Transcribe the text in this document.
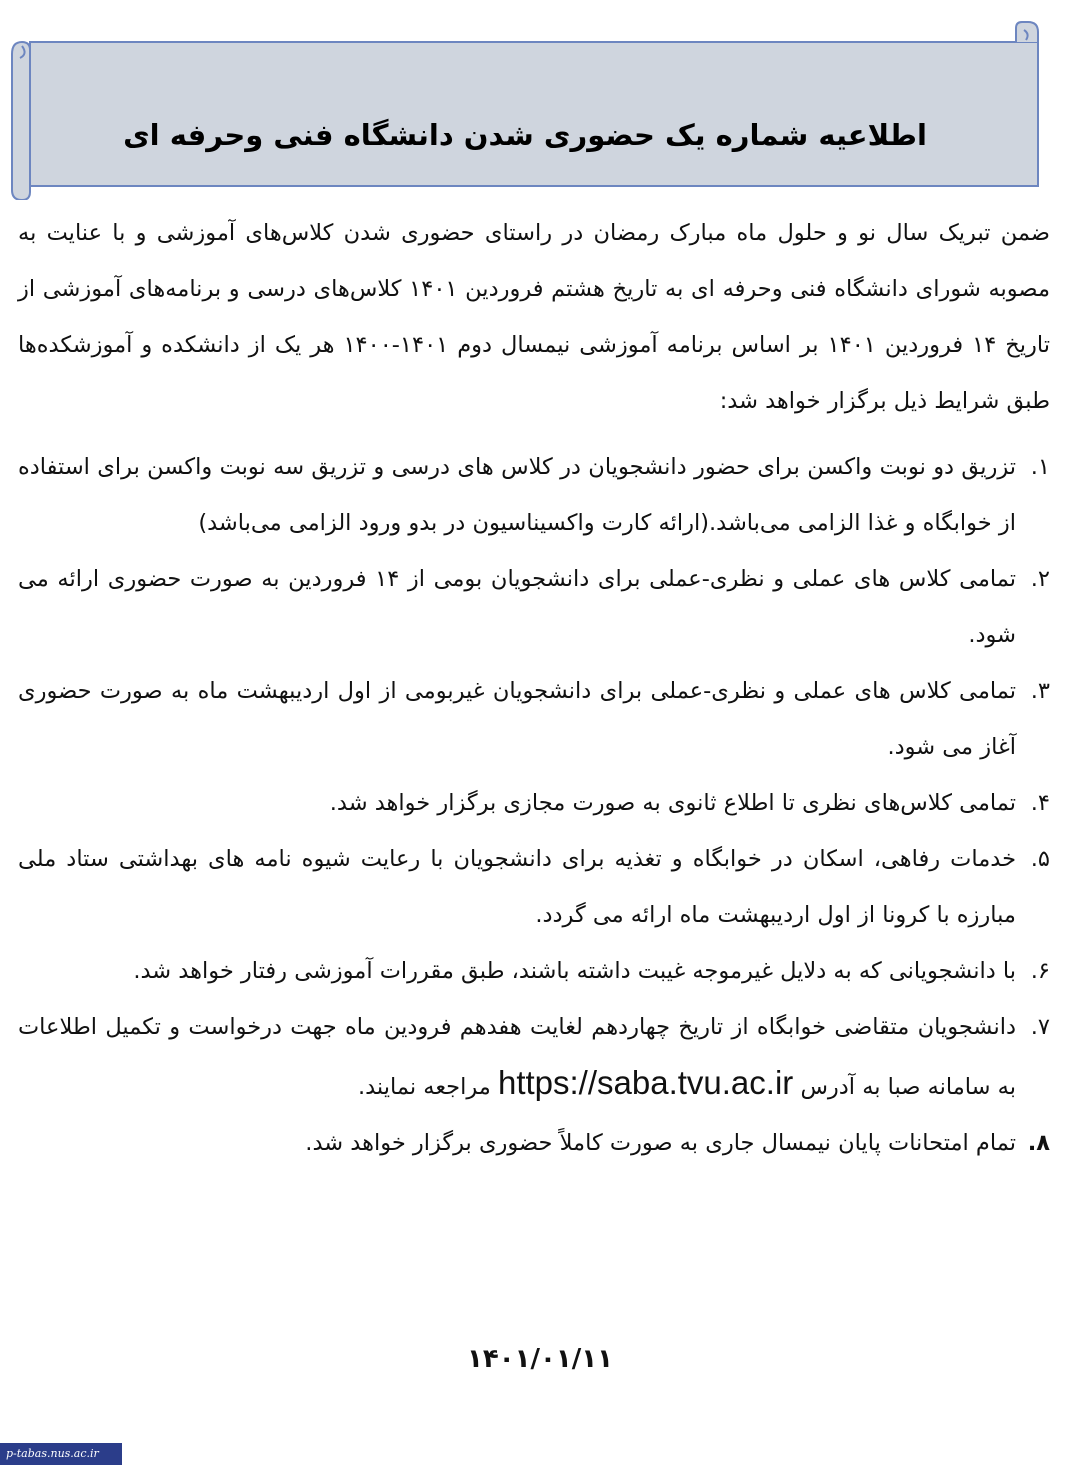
اطلاعیه شماره یک حضوری شدن دانشگاه فنی وحرفه ای

ضمن تبریک سال نو و حلول ماه مبارک رمضان در راستای حضوری شدن کلاس‌های آموزشی و با عنایت به مصوبه شورای دانشگاه فنی وحرفه ای به تاریخ هشتم فروردین ۱۴۰۱ کلاس‌های درسی و برنامه‌های آموزشی از تاریخ ۱۴ فروردین ۱۴۰۱ بر اساس برنامه آموزشی نیمسال دوم ۱۴۰۱-۱۴۰۰ هر یک از دانشکده و آموزشکده‌ها طبق شرایط ذیل برگزار خواهد شد:

۱.
تزریق دو نوبت واکسن برای حضور دانشجویان در کلاس های درسی و تزریق سه نوبت واکسن برای استفاده از خوابگاه و غذا الزامی می‌باشد.(ارائه کارت واکسیناسیون در بدو ورود الزامی می‌باشد)
۲.
تمامی کلاس های عملی و نظری-عملی برای دانشجویان بومی از ۱۴ فروردین به صورت حضوری ارائه می شود.
۳.
تمامی کلاس های عملی و نظری-عملی برای دانشجویان غیربومی از اول اردیبهشت ماه به صورت حضوری آغاز می شود.
۴.
تمامی کلاس‌های نظری تا اطلاع ثانوی به صورت مجازی برگزار خواهد شد.
۵.
خدمات رفاهی، اسکان در خوابگاه و تغذیه برای دانشجویان با رعایت شیوه نامه های بهداشتی ستاد ملی مبارزه با کرونا از اول اردیبهشت ماه ارائه می گردد.
۶.
با دانشجویانی که به دلایل غیرموجه غیبت داشته باشند، طبق مقررات آموزشی رفتار خواهد شد.
۷.
دانشجویان متقاضی خوابگاه از تاریخ چهاردهم لغایت هفدهم فرودین ماه جهت درخواست و تکمیل اطلاعات به سامانه صبا به آدرس https://saba.tvu.ac.ir مراجعه نمایند.
۸.
تمام امتحانات پایان نیمسال جاری به صورت کاملاً حضوری برگزار خواهد شد.
۱۴۰۱/۰۱/۱۱
p-tabas.nus.ac.ir
